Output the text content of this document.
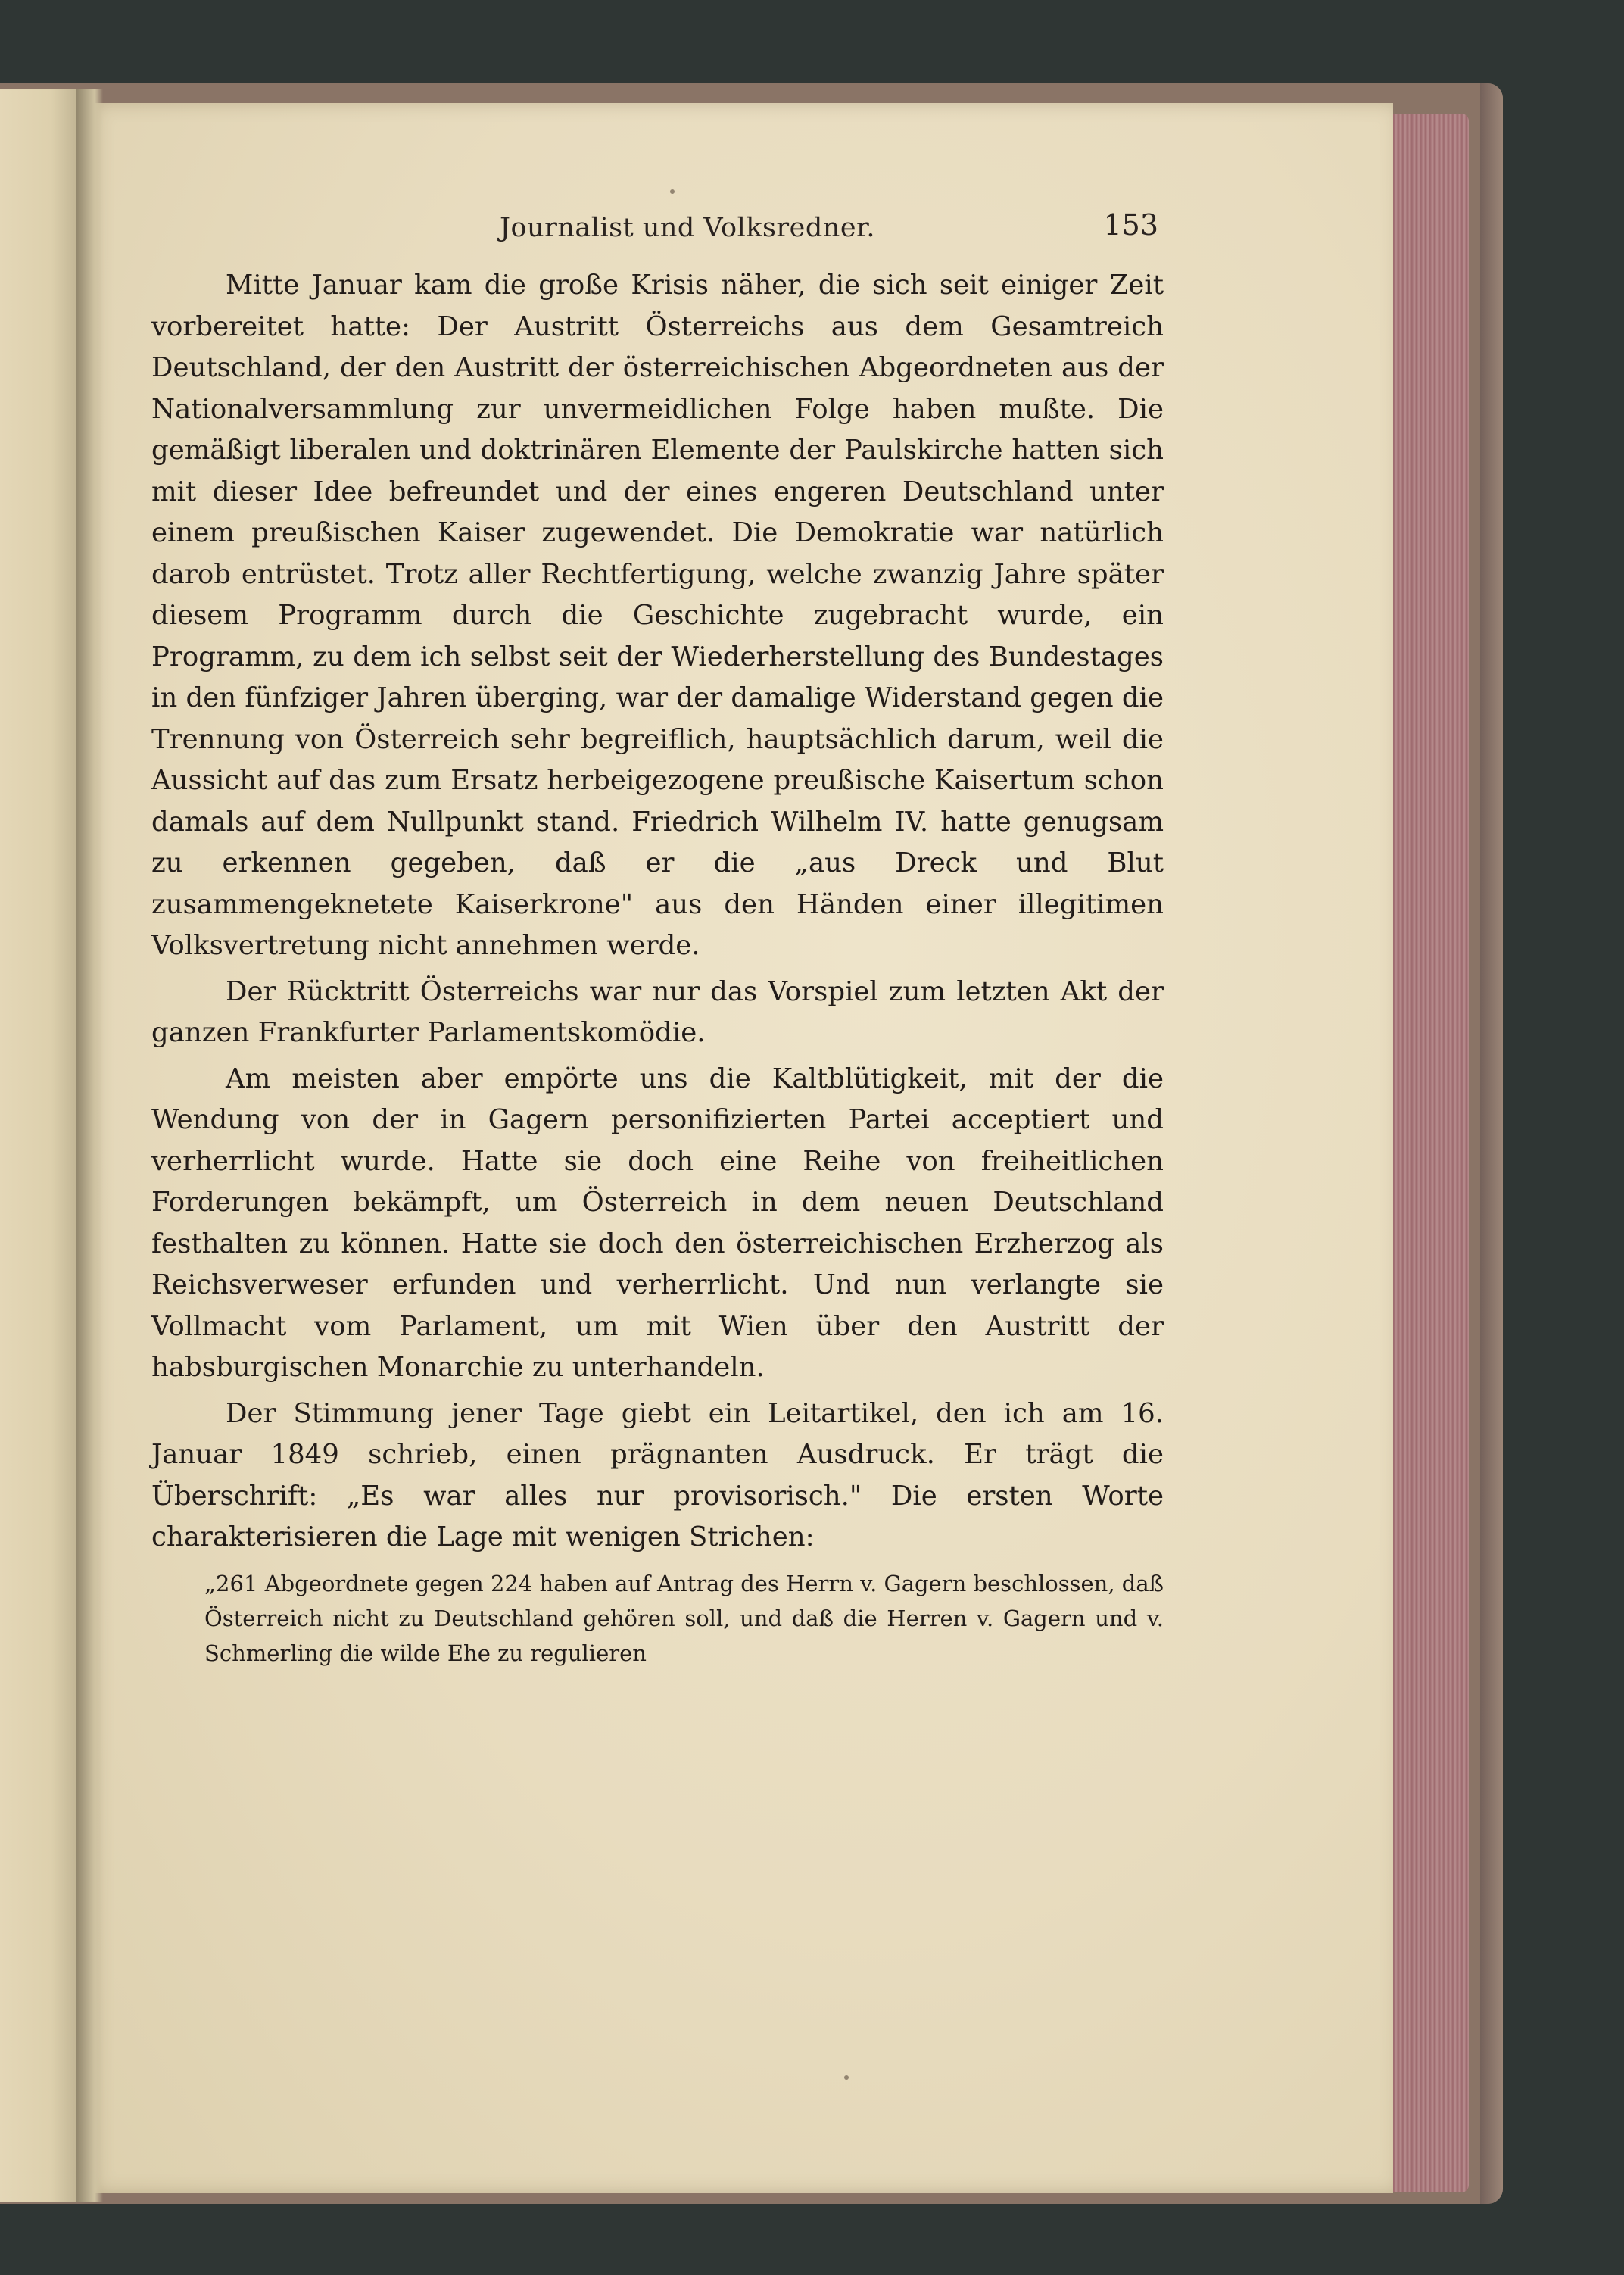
Journalist und Volksredner.	153

Mitte Januar kam die große Krisis näher, die sich seit einiger Zeit vorbereitet hatte: Der Austritt Österreichs aus dem Gesamtreich Deutschland, der den Austritt der österreichischen Abgeordneten aus der Nationalversammlung zur unvermeidlichen Folge haben mußte. Die gemäßigt liberalen und doktrinären Elemente der Paulskirche hatten sich mit dieser Idee befreundet und der eines engeren Deutschland unter einem preußischen Kaiser zugewendet. Die Demokratie war natürlich darob entrüstet. Trotz aller Rechtfertigung, welche zwanzig Jahre später diesem Programm durch die Geschichte zugebracht wurde, ein Programm, zu dem ich selbst seit der Wiederherstellung des Bundestages in den fünfziger Jahren überging, war der damalige Widerstand gegen die Trennung von Österreich sehr begreiflich, hauptsächlich darum, weil die Aussicht auf das zum Ersatz herbeigezogene preußische Kaisertum schon damals auf dem Nullpunkt stand. Friedrich Wilhelm IV. hatte genugsam zu erkennen gegeben, daß er die „aus Dreck und Blut zusammengeknetete Kaiserkrone" aus den Händen einer illegitimen Volksvertretung nicht annehmen werde.

Der Rücktritt Österreichs war nur das Vorspiel zum letzten Akt der ganzen Frankfurter Parlamentskomödie.

Am meisten aber empörte uns die Kaltblütigkeit, mit der die Wendung von der in Gagern personifizierten Partei acceptiert und verherrlicht wurde. Hatte sie doch eine Reihe von freiheitlichen Forderungen bekämpft, um Österreich in dem neuen Deutschland festhalten zu können. Hatte sie doch den österreichischen Erzherzog als Reichsverweser erfunden und verherrlicht. Und nun verlangte sie Vollmacht vom Parlament, um mit Wien über den Austritt der habsburgischen Monarchie zu unterhandeln.

Der Stimmung jener Tage giebt ein Leitartikel, den ich am 16. Januar 1849 schrieb, einen prägnanten Ausdruck. Er trägt die Überschrift: „Es war alles nur provisorisch." Die ersten Worte charakterisieren die Lage mit wenigen Strichen:

„261 Abgeordnete gegen 224 haben auf Antrag des Herrn v. Gagern beschlossen, daß Österreich nicht zu Deutschland gehören soll, und daß die Herren v. Gagern und v. Schmerling die wilde Ehe zu regulieren
